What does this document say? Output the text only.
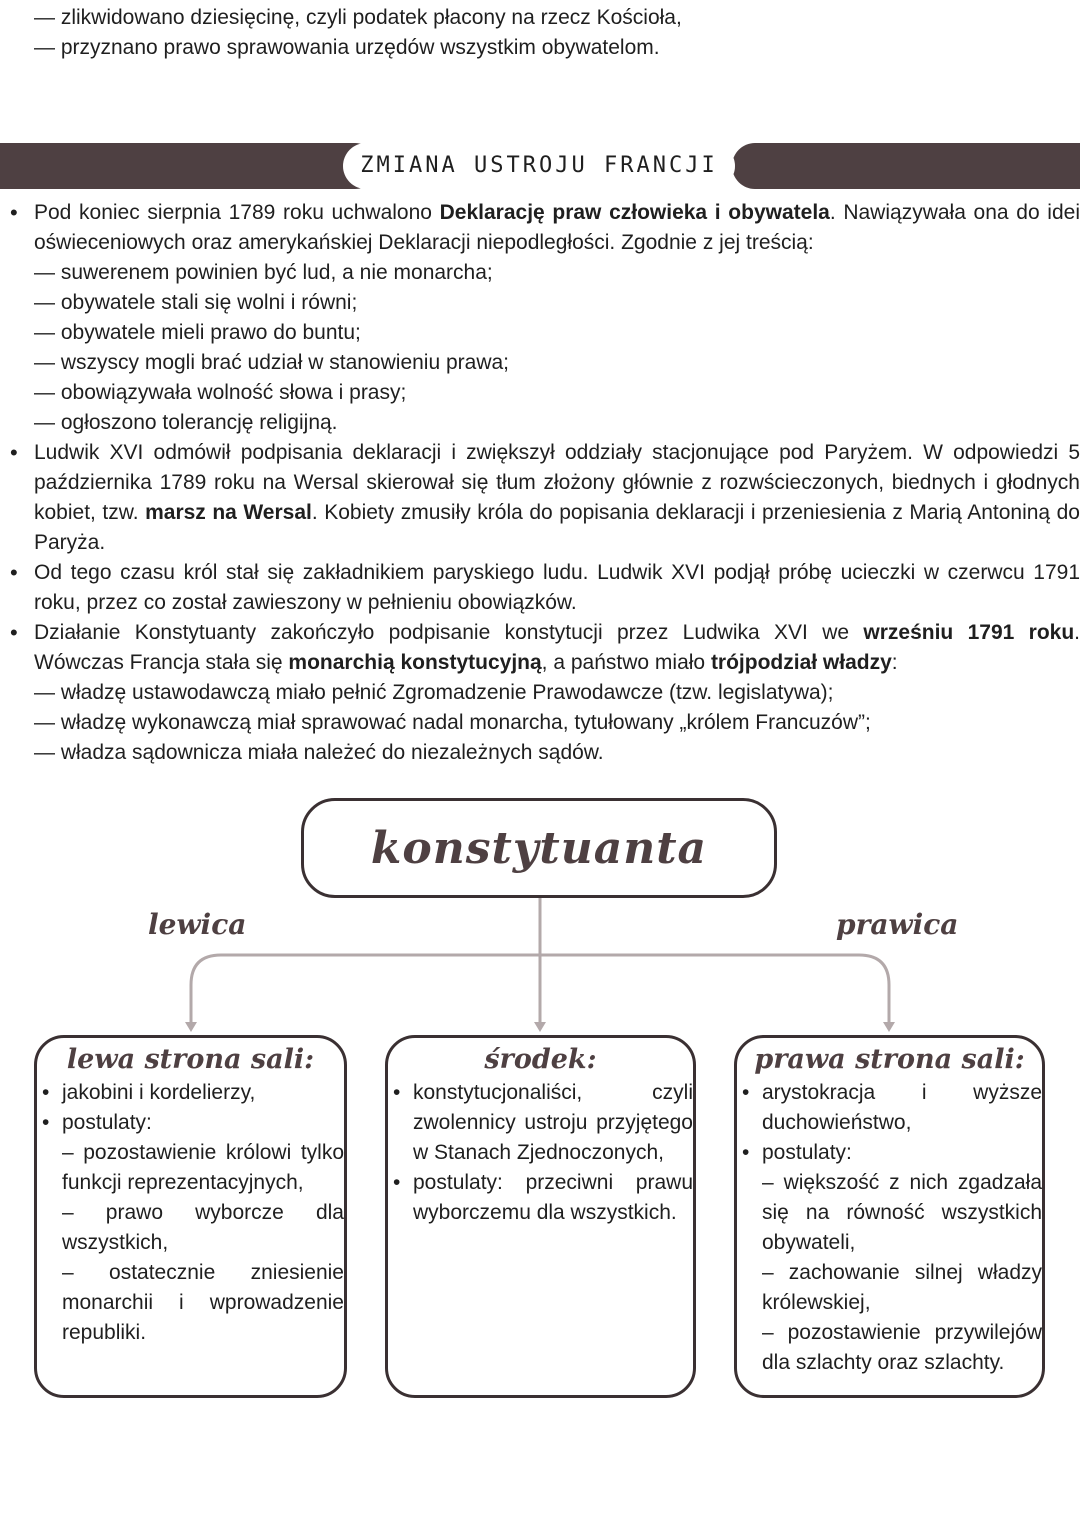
— zlikwidowano dziesięcinę, czyli podatek płacony na rzecz Kościoła,
— przyznano prawo sprawowania urzędów wszystkim obywatelom.
ZMIANA USTROJU FRANCJI
• Pod koniec sierpnia 1789 roku uchwalono Deklarację praw człowieka i obywatela. Nawiązywała ona do idei oświeceniowych oraz amerykańskiej Deklaracji niepodległości. Zgodnie z jej treścią:
— suwerenem powinien być lud, a nie monarcha;
— obywatele stali się wolni i równi;
— obywatele mieli prawo do buntu;
— wszyscy mogli brać udział w stanowieniu prawa;
— obowiązywała wolność słowa i prasy;
— ogłoszono tolerancję religijną.
• Ludwik XVI odmówił podpisania deklaracji i zwiększył oddziały stacjonujące pod Paryżem. W odpowiedzi 5 października 1789 roku na Wersal skierował się tłum złożony głównie z rozwścieczonych, biednych i głodnych kobiet, tzw. marsz na Wersal. Kobiety zmusiły króla do popisania deklaracji i przeniesienia z Marią Antoniną do Paryża.
• Od tego czasu król stał się zakładnikiem paryskiego ludu. Ludwik XVI podjął próbę ucieczki w czerwcu 1791 roku, przez co został zawieszony w pełnieniu obowiązków.
• Działanie Konstytuanty zakończyło podpisanie konstytucji przez Ludwika XVI we wrześniu 1791 roku. Wówczas Francja stała się monarchią konstytucyjną, a państwo miało trójpodział władzy:
— władzę ustawodawczą miało pełnić Zgromadzenie Prawodawcze (tzw. legislatywa);
— władzę wykonawczą miał sprawować nadal monarcha, tytułowany „królem Francuzów”;
— władza sądownicza miała należeć do niezależnych sądów.
konstytuanta
lewica	prawica
lewa strona sali:
• jakobini i kordelierzy,
• postulaty:
– pozostawienie królowi tylko funkcji reprezentacyjnych,
– prawo wyborcze dla wszystkich,
– ostatecznie zniesienie monarchii i wprowadzenie republiki.
środek:
• konstytucjonaliści, czyli zwolennicy ustroju przyjętego w Stanach Zjednoczonych,
• postulaty: przeciwni prawu wyborczemu dla wszystkich.
prawa strona sali:
• arystokracja i wyższe duchowieństwo,
• postulaty:
– większość z nich zgadzała się na równość wszystkich obywateli,
– zachowanie silnej władzy królewskiej,
– pozostawienie przywilejów dla szlachty oraz szlachty.
